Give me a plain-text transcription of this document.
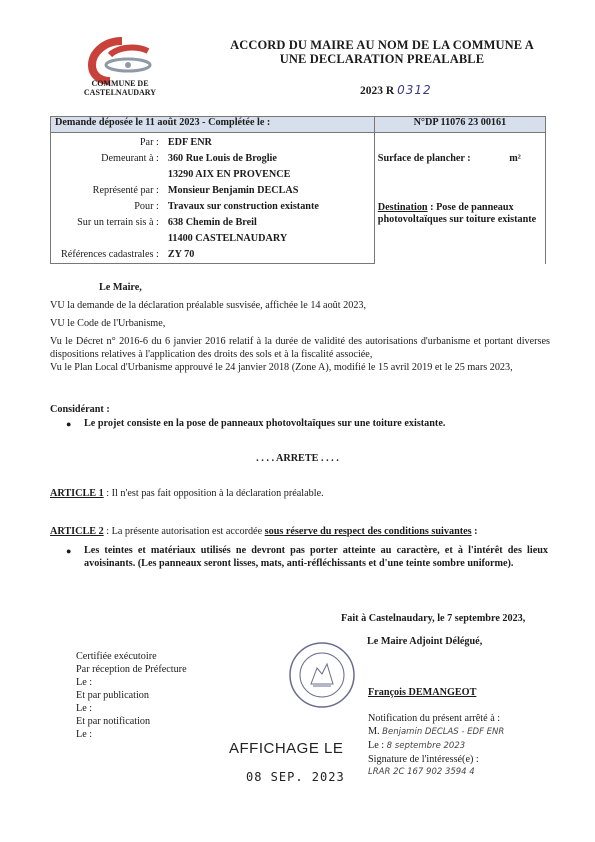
COMMUNE DE
CASTELNAUDARY
ACCORD DU MAIRE AU NOM DE LA COMMUNE A
UNE DECLARATION PREALABLE
2023 R 0312
Demande déposée le 11 août 2023 - Complétée le :		N°DP 11076 23 00161
Par :	EDF ENR	Surface de plancher : m²
Destination : Pose de panneaux photovoltaïques sur toiture existante

Demeurant à :	360 Rue Louis de Broglie	
	13290 AIX EN PROVENCE	
Représenté par :	Monsieur Benjamin DECLAS	
Pour :	Travaux sur construction existante	
Sur un terrain sis à :	638 Chemin de Breil	
	11400 CASTELNAUDARY	
Références cadastrales :	ZY 70	
Le Maire,
VU la demande de la déclaration préalable susvisée, affichée le 14 août 2023,
VU le Code de l'Urbanisme,
Vu le Décret n° 2016-6 du 6 janvier 2016 relatif à la durée de validité des autorisations d'urbanisme et portant diverses dispositions relatives à l'application des droits des sols et à la fiscalité associée,
Vu le Plan Local d'Urbanisme approuvé le 24 janvier 2018 (Zone A), modifié le 15 avril 2019 et le 25 mars 2023,
Considérant :
● Le projet consiste en la pose de panneaux photovoltaïques sur une toiture existante.
. . . . ARRETE . . . .
ARTICLE 1 : Il n'est pas fait opposition à la déclaration préalable.
ARTICLE 2 : La présente autorisation est accordée sous réserve du respect des conditions suivantes :
● Les teintes et matériaux utilisés ne devront pas porter atteinte au caractère, et à l'intérêt des lieux avoisinants. (Les panneaux seront lisses, mats, anti-réfléchissants et d'une teinte sombre uniforme).
Fait à Castelnaudary, le 7 septembre 2023,
Le Maire Adjoint Délégué,
François DEMANGEOT
Certifiée exécutoire
Par réception de Préfecture
Le :
Et par publication
Le :
Et par notification
Le :
Notification du présent arrêté à :
M. Benjamin DECLAS - EDF ENR
Le : 8 septembre 2023
Signature de l'intéressé(e) :
LRAR 2C 167 902 3594 4
AFFICHAGE LE
08 SEP. 2023
